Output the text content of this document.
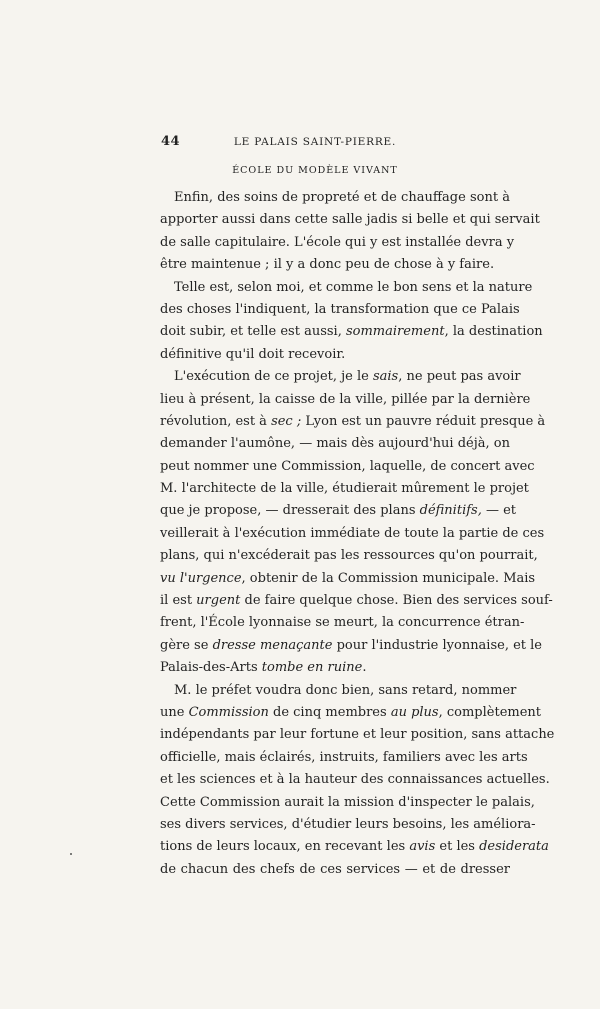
44	LE PALAIS SAINT-PIERRE.
ÉCOLE DU MODÈLE VIVANT
Enfin, des soins de propreté et de chauffage sont à
apporter aussi dans cette salle jadis si belle et qui servait
de salle capitulaire. L'école qui y est installée devra y
être maintenue ; il y a donc peu de chose à y faire.
Telle est, selon moi, et comme le bon sens et la nature
des choses l'indiquent, la transformation que ce Palais
doit subir, et telle est aussi, sommairement, la destination
définitive qu'il doit recevoir.
L'exécution de ce projet, je le sais, ne peut pas avoir
lieu à présent, la caisse de la ville, pillée par la dernière
révolution, est à sec ; Lyon est un pauvre réduit presque à
demander l'aumône, — mais dès aujourd'hui déjà, on
peut nommer une Commission, laquelle, de concert avec
M. l'architecte de la ville, étudierait mûrement le projet
que je propose, — dresserait des plans définitifs, — et
veillerait à l'exécution immédiate de toute la partie de ces
plans, qui n'excéderait pas les ressources qu'on pourrait,
vu l'urgence, obtenir de la Commission municipale. Mais
il est urgent de faire quelque chose. Bien des services souf-
frent, l'École lyonnaise se meurt, la concurrence étran-
gère se dresse menaçante pour l'industrie lyonnaise, et le
Palais-des-Arts tombe en ruine.
M. le préfet voudra donc bien, sans retard, nommer
une Commission de cinq membres au plus, complètement
indépendants par leur fortune et leur position, sans attache
officielle, mais éclairés, instruits, familiers avec les arts
et les sciences et à la hauteur des connaissances actuelles.
Cette Commission aurait la mission d'inspecter le palais,
ses divers services, d'étudier leurs besoins, les améliora-
tions de leurs locaux, en recevant les avis et les desiderata
de chacun des chefs de ces services — et de dresser
